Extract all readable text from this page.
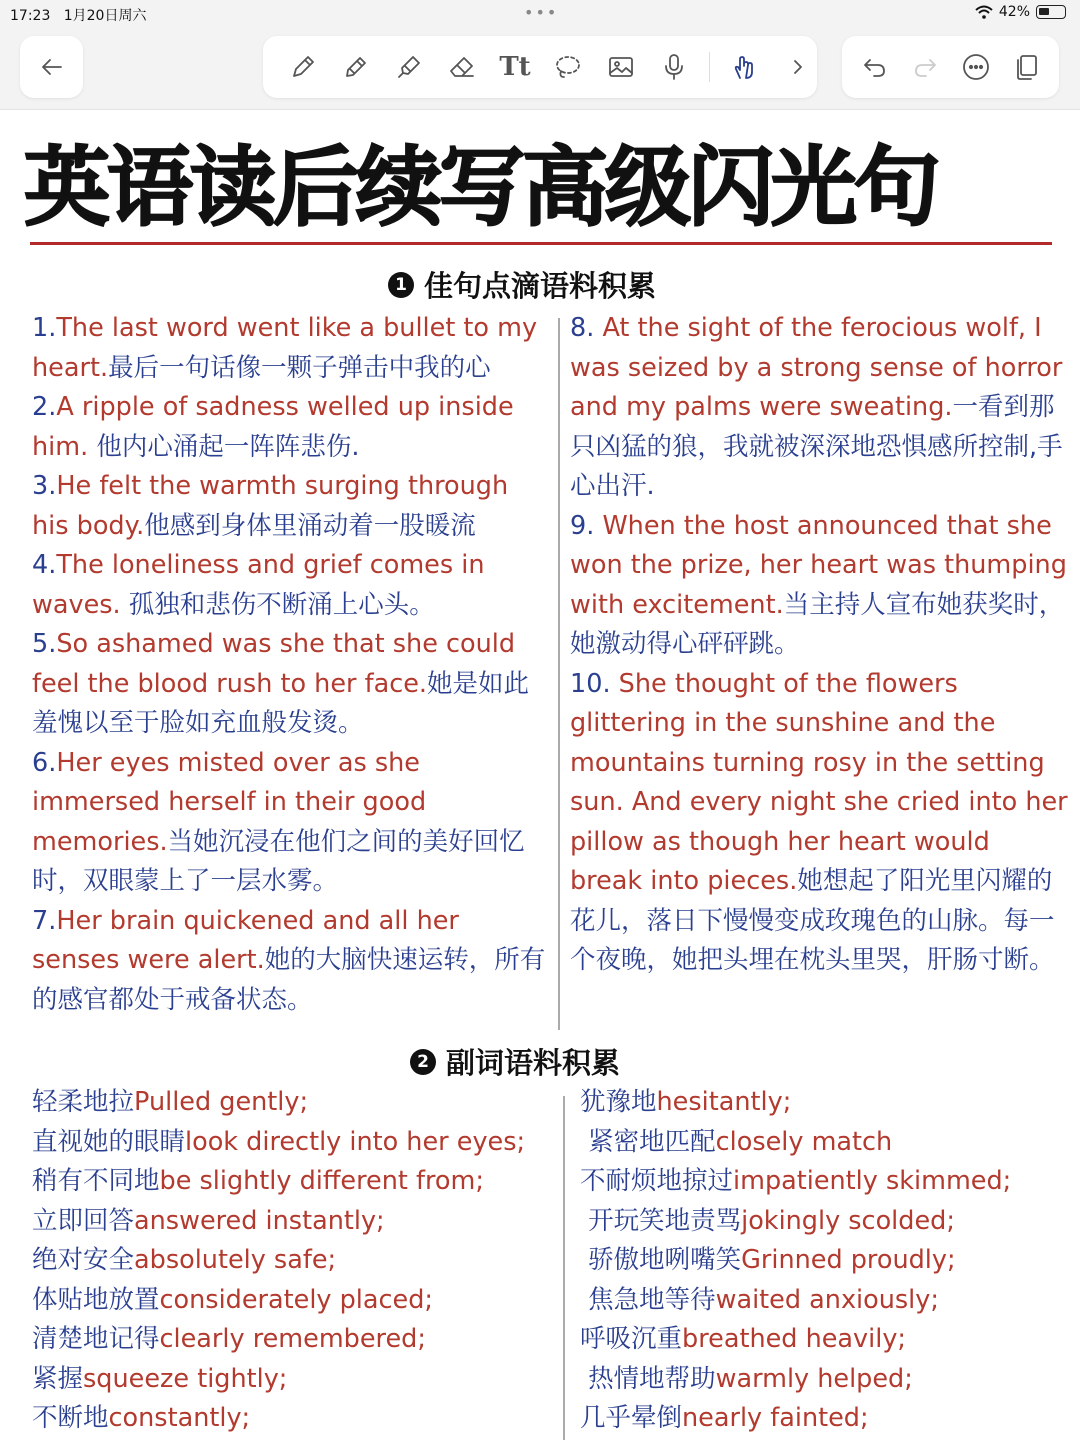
17:23 1月20日周六	•••	42%
Tt
英语读后续写高级闪光句
1 佳句点滴语料积累

1.The last word went like a bullet to my heart.最后一句话像一颗子弹击中我的心

2.A ripple of sadness welled up inside him. 他内心涌起一阵阵悲伤.

3.He felt the warmth surging through his body.他感到身体里涌动着一股暖流

4.The loneliness and grief comes in waves. 孤独和悲伤不断涌上心头。

5.So ashamed was she that she could feel the blood rush to her face.她是如此羞愧以至于脸如充血般发烫。

6.Her eyes misted over as she immersed herself in their good memories.当她沉浸在他们之间的美好回忆时，双眼蒙上了一层水雾。

7.Her brain quickened and all her senses were alert.她的大脑快速运转，所有的感官都处于戒备状态。

8. At the sight of the ferocious wolf, I was seized by a strong sense of horror and my palms were sweating.一看到那只凶猛的狼，我就被深深地恐惧感所控制,手心出汗.

9. When the host announced that she won the prize, her heart was thumping with excitement.当主持人宣布她获奖时，她激动得心砰砰跳。

10. She thought of the flowers glittering in the sunshine and the mountains turning rosy in the setting sun. And every night she cried into her pillow as though her heart would break into pieces.她想起了阳光里闪耀的花儿，落日下慢慢变成玫瑰色的山脉。每一个夜晚，她把头埋在枕头里哭，肝肠寸断。

2 副词语料积累
轻柔地拉Pulled gently;
直视她的眼睛look directly into her eyes;
稍有不同地be slightly different from;
立即回答answered instantly;
绝对安全absolutely safe;
体贴地放置considerately placed;
清楚地记得clearly remembered;
紧握squeeze tightly;
不断地constantly;
犹豫地hesitantly;
紧密地匹配closely match
不耐烦地掠过impatiently skimmed;
开玩笑地责骂jokingly scolded;
骄傲地咧嘴笑Grinned proudly;
焦急地等待waited anxiously;
呼吸沉重breathed heavily;
热情地帮助warmly helped;
几乎晕倒nearly fainted;
